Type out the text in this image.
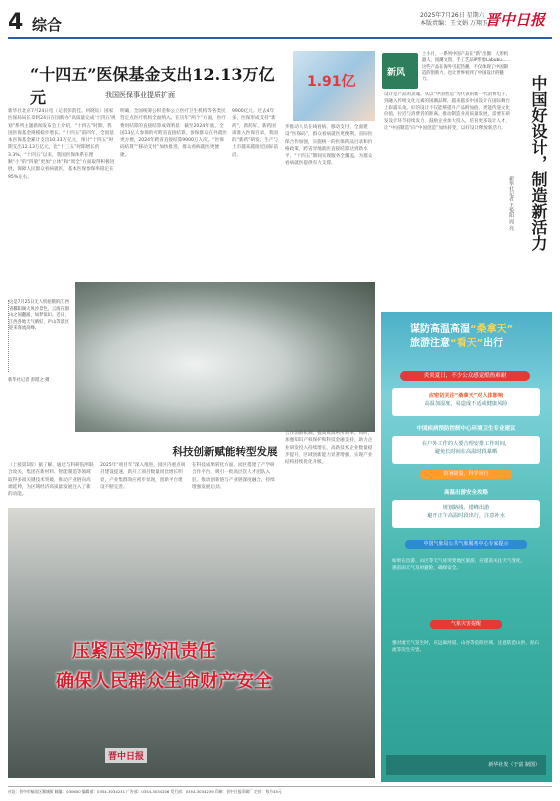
4 综合
2025年7月26日 星期六
本版责编：王文娟 万翔玉
晋中日报
“十四五”医保基金支出12.13万亿元	我国医保事业提质扩面
1.91亿
新华社北京7月24日电（记者彭韵佳、何晓钰）国家医保局局长章轲24日在国新办“高质量完成‘十四五’规划”系列主题新闻发布会上介绍，“十四五”时期，我国医保基金规模稳步增长。“十四五”前四年，全国基本医保基金累计支出10.33万亿元，预计“十四五”时期支出12.13万亿元，比“十三五”时期增长约3.3%。“十四五”以来，我国医保体系在理顺“小”的“四梁”更加“立体”和“周全”方面取得积极进展，保障人民群众看病就医，基本医保参保率稳定在95%左右。
明确，全国统筹公积金和公立医疗卫生机构等各类民营定点医疗机构全面纳入。在历年“两个”方面，医疗费用结算的直接结算成效明显：截至2024年底，全国13亿人参保的可跨省直接结算，参保群众在外就医更方便，2024年跨省直接结算9900万人次。“医保码结算”“移动支付”加快推进，群众看病就医更便捷。
9900亿元。过去4年多，医保形成支持“新药”，新药好、新药国谈准入医保目录，我国的“新药”研发、生产与上市越来越接近国际前沿。
步推动人员在线看病、移动支付，全面建设“医保码”，群众看病就医更便利。省际医保合作加强，实施统一的医保药品目录和价格政策，跨省异地就医直接结算达到新水平，“十四五”期间实现服务全覆盖，为群众看病就医提供有力支撑。
这是7月25日无人机拍摄的江西省鄱阳湖大风沙景色，云海在群山之间翻涌，如梦似幻。近日，江西各地天气晴好，庐山等景区迎来客流高峰。
新华社记者 彭昭之 摄
科技创新赋能转型发展
（上接第1版）据了解，通过与科研院所联合攻关，集团在新材料、智能制造等领域取得多项关键技术突破，推动产业链向高端延伸，为区域经济高质量发展注入了新的动能。
2025年“项目年”深入推进，园区内重点项目建设提速，新开工项目数量同比增长明显，产业集群效应初步显现，创新平台建设不断完善。
在科技成果转化方面，园区搭建了产学研合作平台，吸引一批高层次人才团队入驻，推动创新链与产业链深度融合，持续增强发展后劲。
合作创新机制，提高资源利用效率。同时，加强知识产权保护和科技金融支持，助力企业研发投入持续增长，高新技术企业数量稳步提升，区域创新能力显著增强，实现产业结构持续优化升级。
压紧压实防汛责任
确保人民群众生命财产安全
晋中日报
新风
上小月，一系列中国产品在“新”出圈：人形机器人、国潮文创、手工艺品IP形象Labubu……这些产品在海外引起热潮，不仅体现了中国制造的创新力，也让世界看到了中国设计的魅力。	中国好设计，制造新活力
新华社记者 王悦阳 周 亮
设计是产品的灵魂。从以“中国智造”为代表的新一代消费电子，到融入传统文化元素的国潮品牌，越来越多中国设计在国际舞台上崭露头角。好的设计不仅能够提升产品附加值，更能传递文化价值，拉近与消费者的距离。推动制造业高质量发展，需要在研发设计环节持续发力，鼓励企业加大投入，培育更多设计人才，让“中国制造”向“中国创造”加快转变，以好设计释放新活力。
谋防高温高湿“桑拿天”
旅游注意“看天”出行
炎炎夏日，不少公众感觉酷热难耐
应密切关注“桑拿天”对人体影响
高温加湿度，易造成不适或健康风险
中国疾病预防控制中心环境卫生专业建议
在户外工作的人要合理安排工作时间，
避免长时间在高温时段暴晒
防暑降温，科学出行
高温出游安全攻略
规划路线，错峰出游
避开正午高温时段出行，注意补水
中国气象局公共气象服务中心专家提示
如果在出游、山区等天气易突变地区旅游，应提前关注天气变化，
遇雷雨天气及时避险，确保安全。
气象灾害提醒
强对流天气发生时，应远离河道、山谷等危险区域，注意防范山洪、泥石流等次生灾害。
新华社发（于富 制图）
社址：晋中市榆次区顺城街 邮编：030600 编辑部：0354-3034231 广告部：0354-3034206 发行部：0354-3034239 印刷：晋中日报印刷厂 定价：每月45元
